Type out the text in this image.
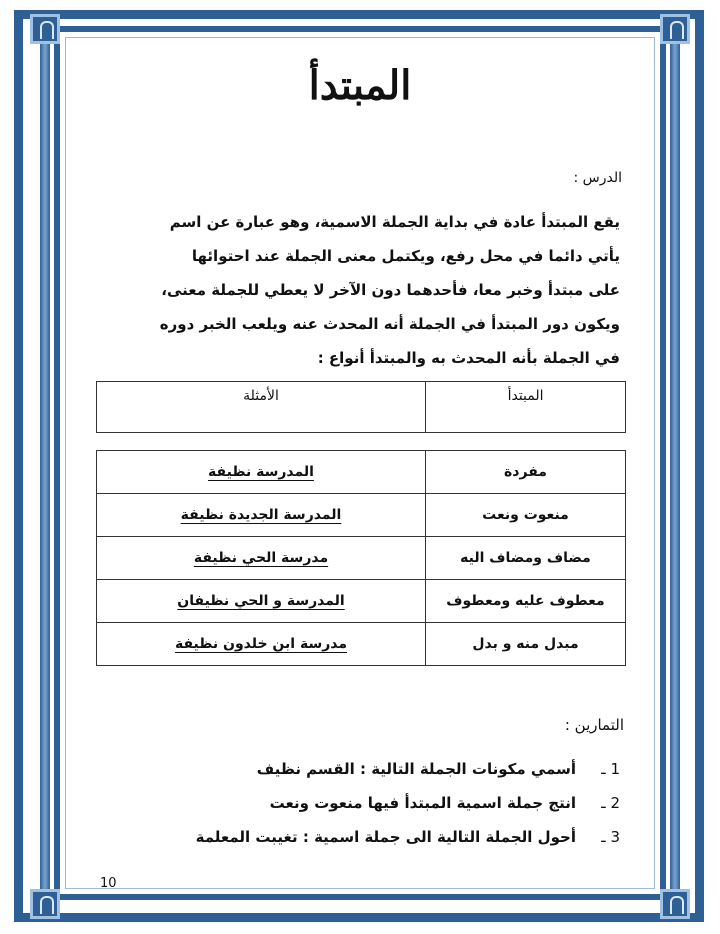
المبتدأ
الدرس :

يقع المبتدأ عادة في بداية الجملة الاسمية، وهو عبارة عن اسم

يأتي دائما في محل رفع، ويكتمل معنى الجملة عند احتوائها

على مبتدأ وخبر معا، فأحدهما دون الآخر لا يعطي للجملة معنى،

ويكون دور المبتدأ في الجملة أنه المحدث عنه ويلعب الخبر دوره

في الجملة بأنه المحدث به والمبتدأ أنواع :

الأمثلة	المبتدأ
المدرسة نظيفة	مفردة
المدرسة الجديدة نظيفة	منعوت ونعت
مدرسة الحي نظيفة	مضاف ومضاف اليه
المدرسة و الحي نظيفان	معطوف عليه ومعطوف
مدرسة ابن خلدون نظيفة	مبدل منه و بدل
التمارين :
1 ـ
أسمي مكونات الجملة التالية : القسم نظيف
2 ـ
انتج جملة اسمية المبتدأ فيها منعوت ونعت
3 ـ
أحول الجملة التالية الى جملة اسمية : تغيبت المعلمة
10
